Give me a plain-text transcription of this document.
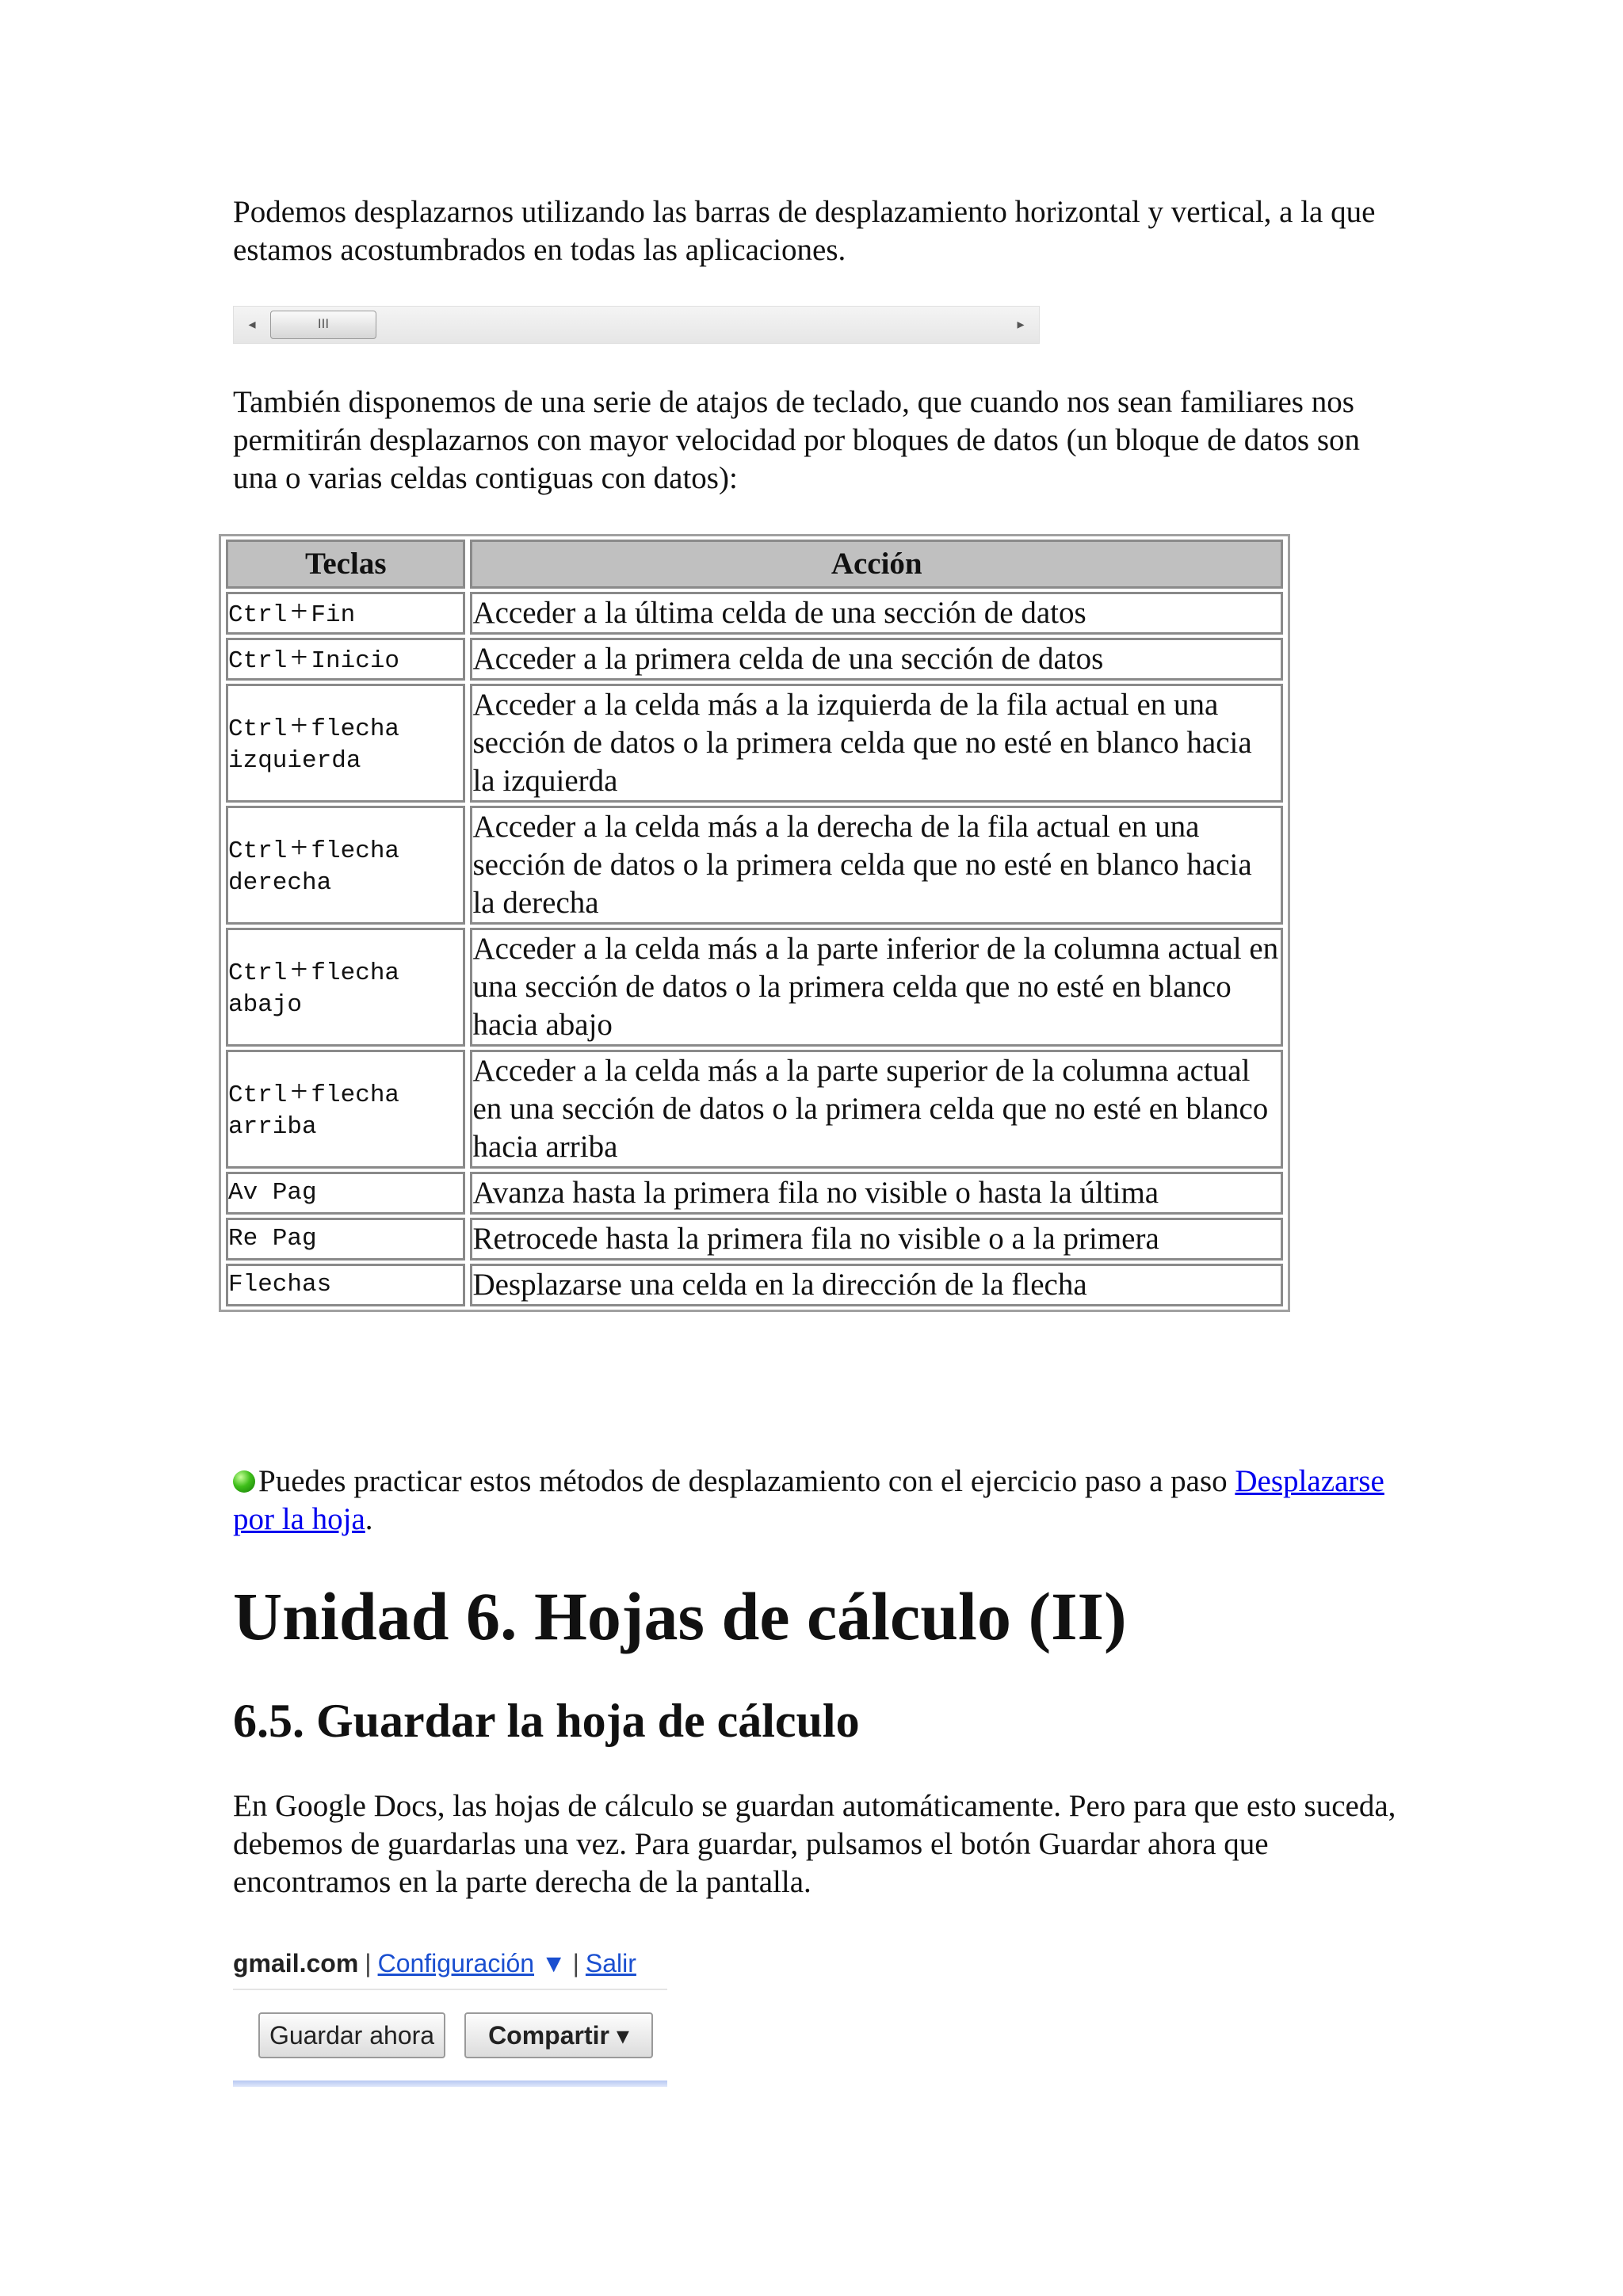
Podemos desplazarnos utilizando las barras de desplazamiento horizontal y vertical, a la que estamos acostumbrados en todas las aplicaciones.

◂	III	▸

También disponemos de una serie de atajos de teclado, que cuando nos sean familiares nos permitirán desplazarnos con mayor velocidad por bloques de datos (un bloque de datos son una o varias celdas contiguas con datos):

Teclas	Acción
Ctrl + Fin	Acceder a la última celda de una sección de datos
Ctrl + Inicio	Acceder a la primera celda de una sección de datos
Ctrl + flecha
izquierda	Acceder a la celda más a la izquierda de la fila actual en una sección de datos o la primera celda que no esté en blanco hacia la izquierda
Ctrl + flecha
derecha	Acceder a la celda más a la derecha de la fila actual en una sección de datos o la primera celda que no esté en blanco hacia la derecha
Ctrl + flecha
abajo	Acceder a la celda más a la parte inferior de la columna actual en una sección de datos o la primera celda que no esté en blanco hacia abajo
Ctrl + flecha
arriba	Acceder a la celda más a la parte superior de la columna actual en una sección de datos o la primera celda que no esté en blanco hacia arriba
Av Pag	Avanza hasta la primera fila no visible o hasta la última
Re Pag	Retrocede hasta la primera fila no visible o a la primera
Flechas	Desplazarse una celda en la dirección de la flecha
Puedes practicar estos métodos de desplazamiento con el ejercicio paso a paso Desplazarse por la hoja.
Unidad 6. Hojas de cálculo (II)
6.5. Guardar la hoja de cálculo

En Google Docs, las hojas de cálculo se guardan automáticamente. Pero para que esto suceda, debemos de guardarlas una vez. Para guardar, pulsamos el botón Guardar ahora que encontramos en la parte derecha de la pantalla.

gmail.com | Configuración ▼ | Salir
Guardar ahora	Compartir ▾
